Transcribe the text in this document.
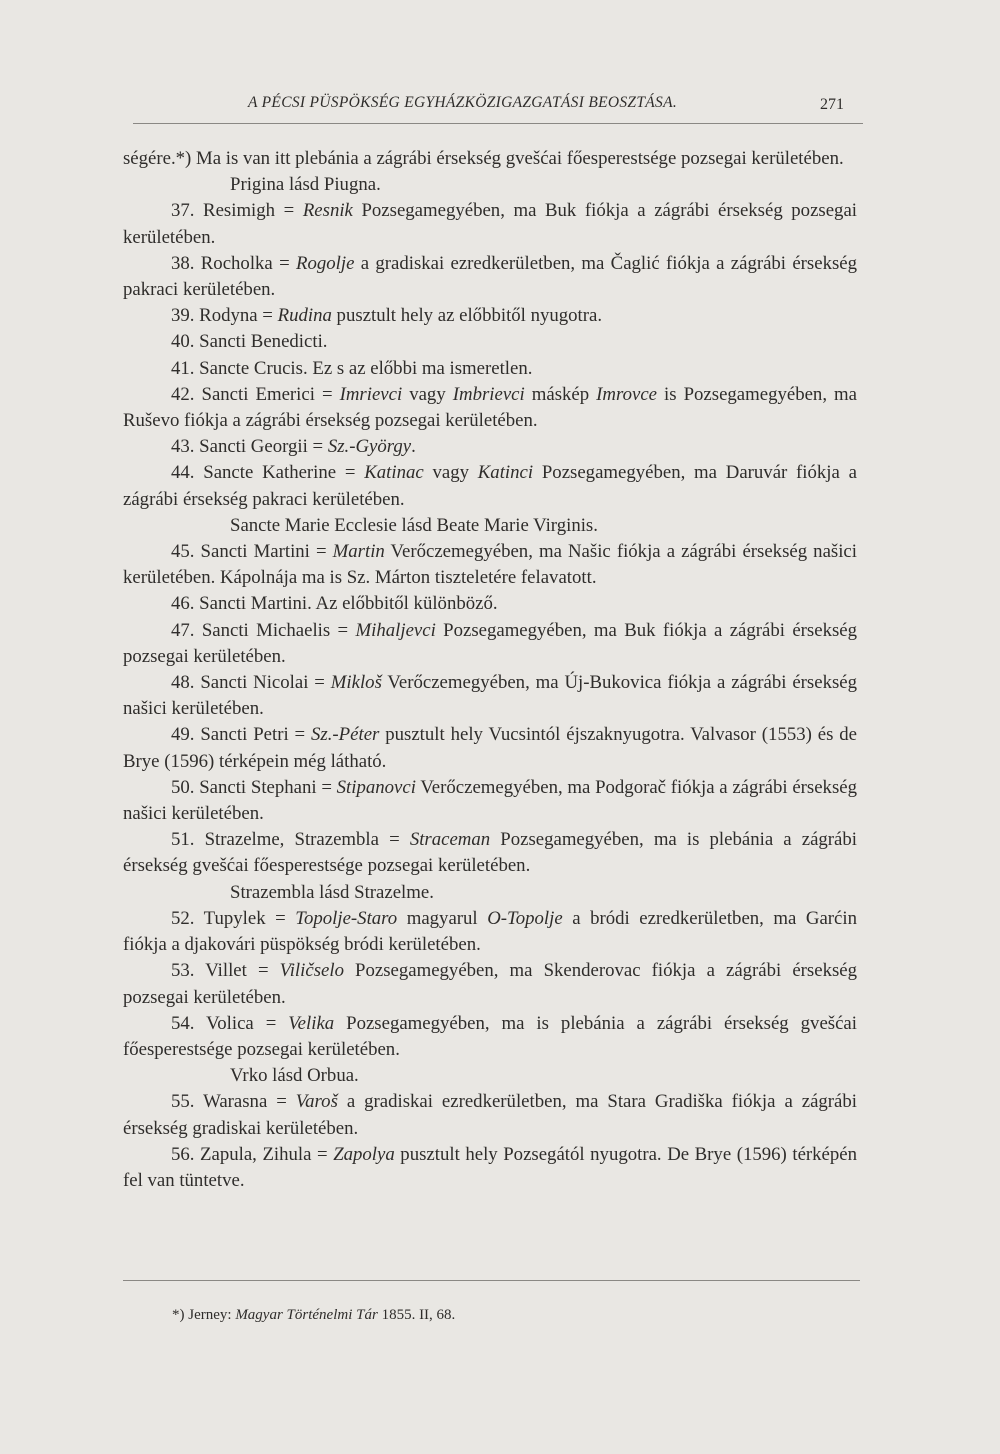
A PÉCSI PÜSPÖKSÉG EGYHÁZKÖZIGAZGATÁSI BEOSZTÁSA.	271

ségére.*) Ma is van itt plebánia a zágrábi érsekség gvešćai főesperestsége pozsegai kerületében.

Prigina lásd Piugna.

37. Resimigh = Resnik Pozsegamegyében, ma Buk fiókja a zágrábi érsekség pozsegai kerületében.

38. Rocholka = Rogolje a gradiskai ezredkerületben, ma Čaglić fiókja a zágrábi érsekség pakraci kerületében.

39. Rodyna = Rudina pusztult hely az előbbitől nyugotra.

40. Sancti Benedicti.

41. Sancte Crucis. Ez s az előbbi ma ismeretlen.

42. Sancti Emerici = Imrievci vagy Imbrievci máskép Imrovce is Pozsegamegyében, ma Ruševo fiókja a zágrábi érsekség pozsegai kerületében.

43. Sancti Georgii = Sz.-György.

44. Sancte Katherine = Katinac vagy Katinci Pozsegamegyében, ma Daruvár fiókja a zágrábi érsekség pakraci kerületében.

Sancte Marie Ecclesie lásd Beate Marie Virginis.

45. Sancti Martini = Martin Verőczemegyében, ma Našic fiókja a zágrábi érsekség našici kerületében. Kápolnája ma is Sz. Márton tiszteletére felavatott.

46. Sancti Martini. Az előbbitől különböző.

47. Sancti Michaelis = Mihaljevci Pozsegamegyében, ma Buk fiókja a zágrábi érsekség pozsegai kerületében.

48. Sancti Nicolai = Mikloš Verőczemegyében, ma Új-Bukovica fiókja a zágrábi érsekség našici kerületében.

49. Sancti Petri = Sz.-Péter pusztult hely Vucsintól éjszaknyugotra. Valvasor (1553) és de Brye (1596) térképein még látható.

50. Sancti Stephani = Stipanovci Verőczemegyében, ma Podgorač fiókja a zágrábi érsekség našici kerületében.

51. Strazelme, Strazembla = Straceman Pozsegamegyében, ma is plebánia a zágrábi érsekség gvešćai főesperestsége pozsegai kerületében.

Strazembla lásd Strazelme.

52. Tupylek = Topolje-Staro magyarul O-Topolje a bródi ezredkerületben, ma Garćin fiókja a djakovári püspökség bródi kerületében.

53. Villet = Viličselo Pozsegamegyében, ma Skenderovac fiókja a zágrábi érsekség pozsegai kerületében.

54. Volica = Velika Pozsegamegyében, ma is plebánia a zágrábi érsekség gvešćai főesperestsége pozsegai kerületében.

Vrko lásd Orbua.

55. Warasna = Varoš a gradiskai ezredkerületben, ma Stara Gradiška fiókja a zágrábi érsekség gradiskai kerületében.

56. Zapula, Zihula = Zapolya pusztult hely Pozsegától nyugotra. De Brye (1596) térképén fel van tüntetve.

*) Jerney: Magyar Történelmi Tár 1855. II, 68.
